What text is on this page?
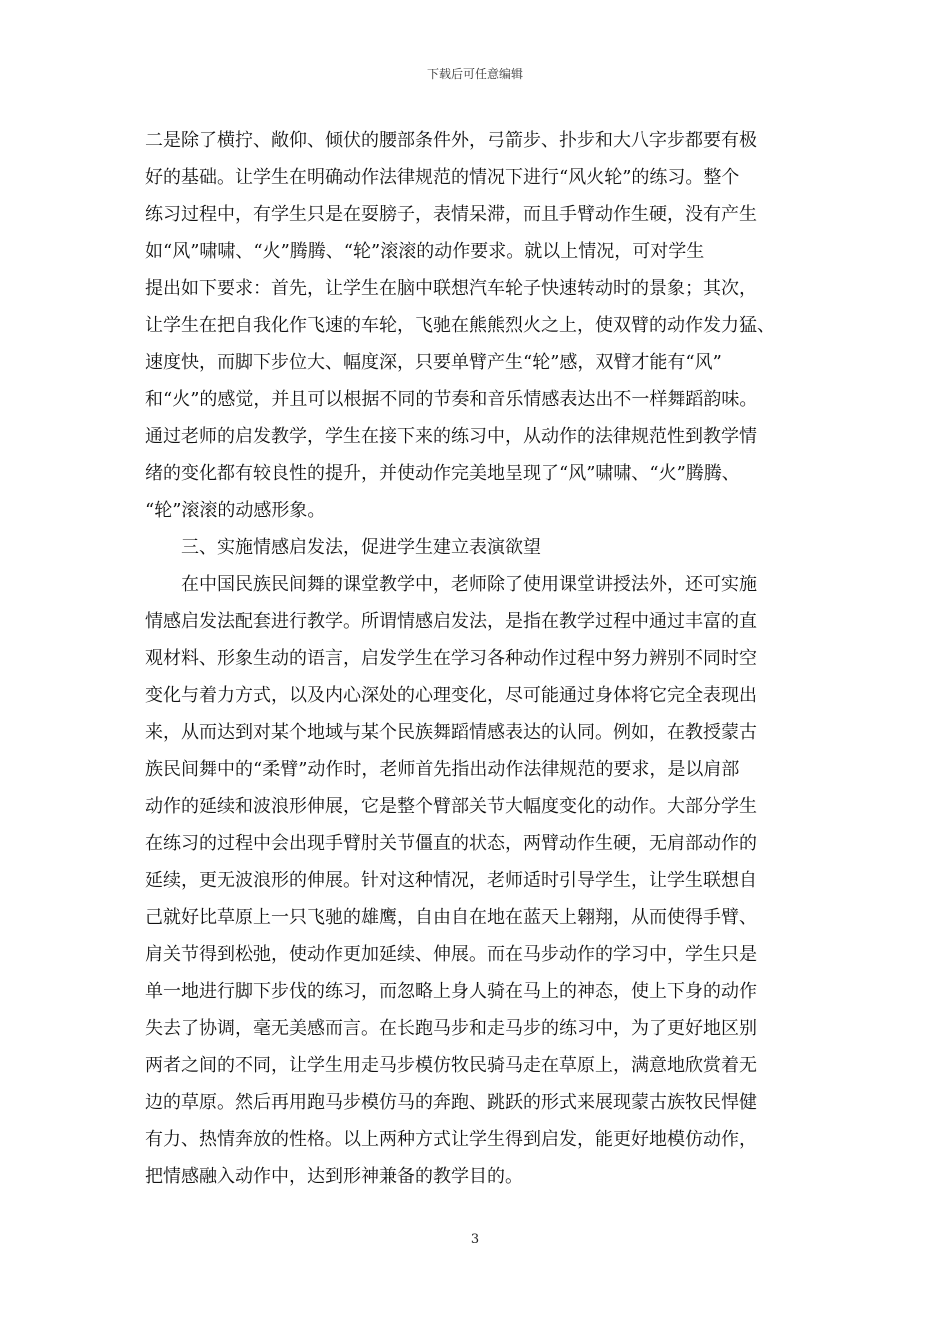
下载后可任意编辑
二是除了横拧、敞仰、倾伏的腰部条件外，弓箭步、扑步和大八字步都要有极
好的基础。让学生在明确动作法律规范的情况下进行“风火轮”的练习。整个
练习过程中，有学生只是在耍膀子，表情呆滞，而且手臂动作生硬，没有产生
如“风”啸啸、“火”腾腾、“轮”滚滚的动作要求。就以上情况，可对学生
提出如下要求：首先，让学生在脑中联想汽车轮子快速转动时的景象；其次，
让学生在把自我化作飞速的车轮，飞驰在熊熊烈火之上，使双臂的动作发力猛、
速度快，而脚下步位大、幅度深，只要单臂产生“轮”感，双臂才能有“风”
和“火”的感觉，并且可以根据不同的节奏和音乐情感表达出不一样舞蹈韵味。
通过老师的启发教学，学生在接下来的练习中，从动作的法律规范性到教学情
绪的变化都有较良性的提升，并使动作完美地呈现了“风”啸啸、“火”腾腾、
“轮”滚滚的动感形象。
三、实施情感启发法，促进学生建立表演欲望
在中国民族民间舞的课堂教学中，老师除了使用课堂讲授法外，还可实施
情感启发法配套进行教学。所谓情感启发法，是指在教学过程中通过丰富的直
观材料、形象生动的语言，启发学生在学习各种动作过程中努力辨别不同时空
变化与着力方式，以及内心深处的心理变化，尽可能通过身体将它完全表现出
来，从而达到对某个地域与某个民族舞蹈情感表达的认同。例如，在教授蒙古
族民间舞中的“柔臂”动作时，老师首先指出动作法律规范的要求，是以肩部
动作的延续和波浪形伸展，它是整个臂部关节大幅度变化的动作。大部分学生
在练习的过程中会出现手臂肘关节僵直的状态，两臂动作生硬，无肩部动作的
延续，更无波浪形的伸展。针对这种情况，老师适时引导学生，让学生联想自
己就好比草原上一只飞驰的雄鹰，自由自在地在蓝天上翱翔，从而使得手臂、
肩关节得到松弛，使动作更加延续、伸展。而在马步动作的学习中，学生只是
单一地进行脚下步伐的练习，而忽略上身人骑在马上的神态，使上下身的动作
失去了协调，毫无美感而言。在长跑马步和走马步的练习中，为了更好地区别
两者之间的不同，让学生用走马步模仿牧民骑马走在草原上，满意地欣赏着无
边的草原。然后再用跑马步模仿马的奔跑、跳跃的形式来展现蒙古族牧民悍健
有力、热情奔放的性格。以上两种方式让学生得到启发，能更好地模仿动作，
把情感融入动作中，达到形神兼备的教学目的。
3
